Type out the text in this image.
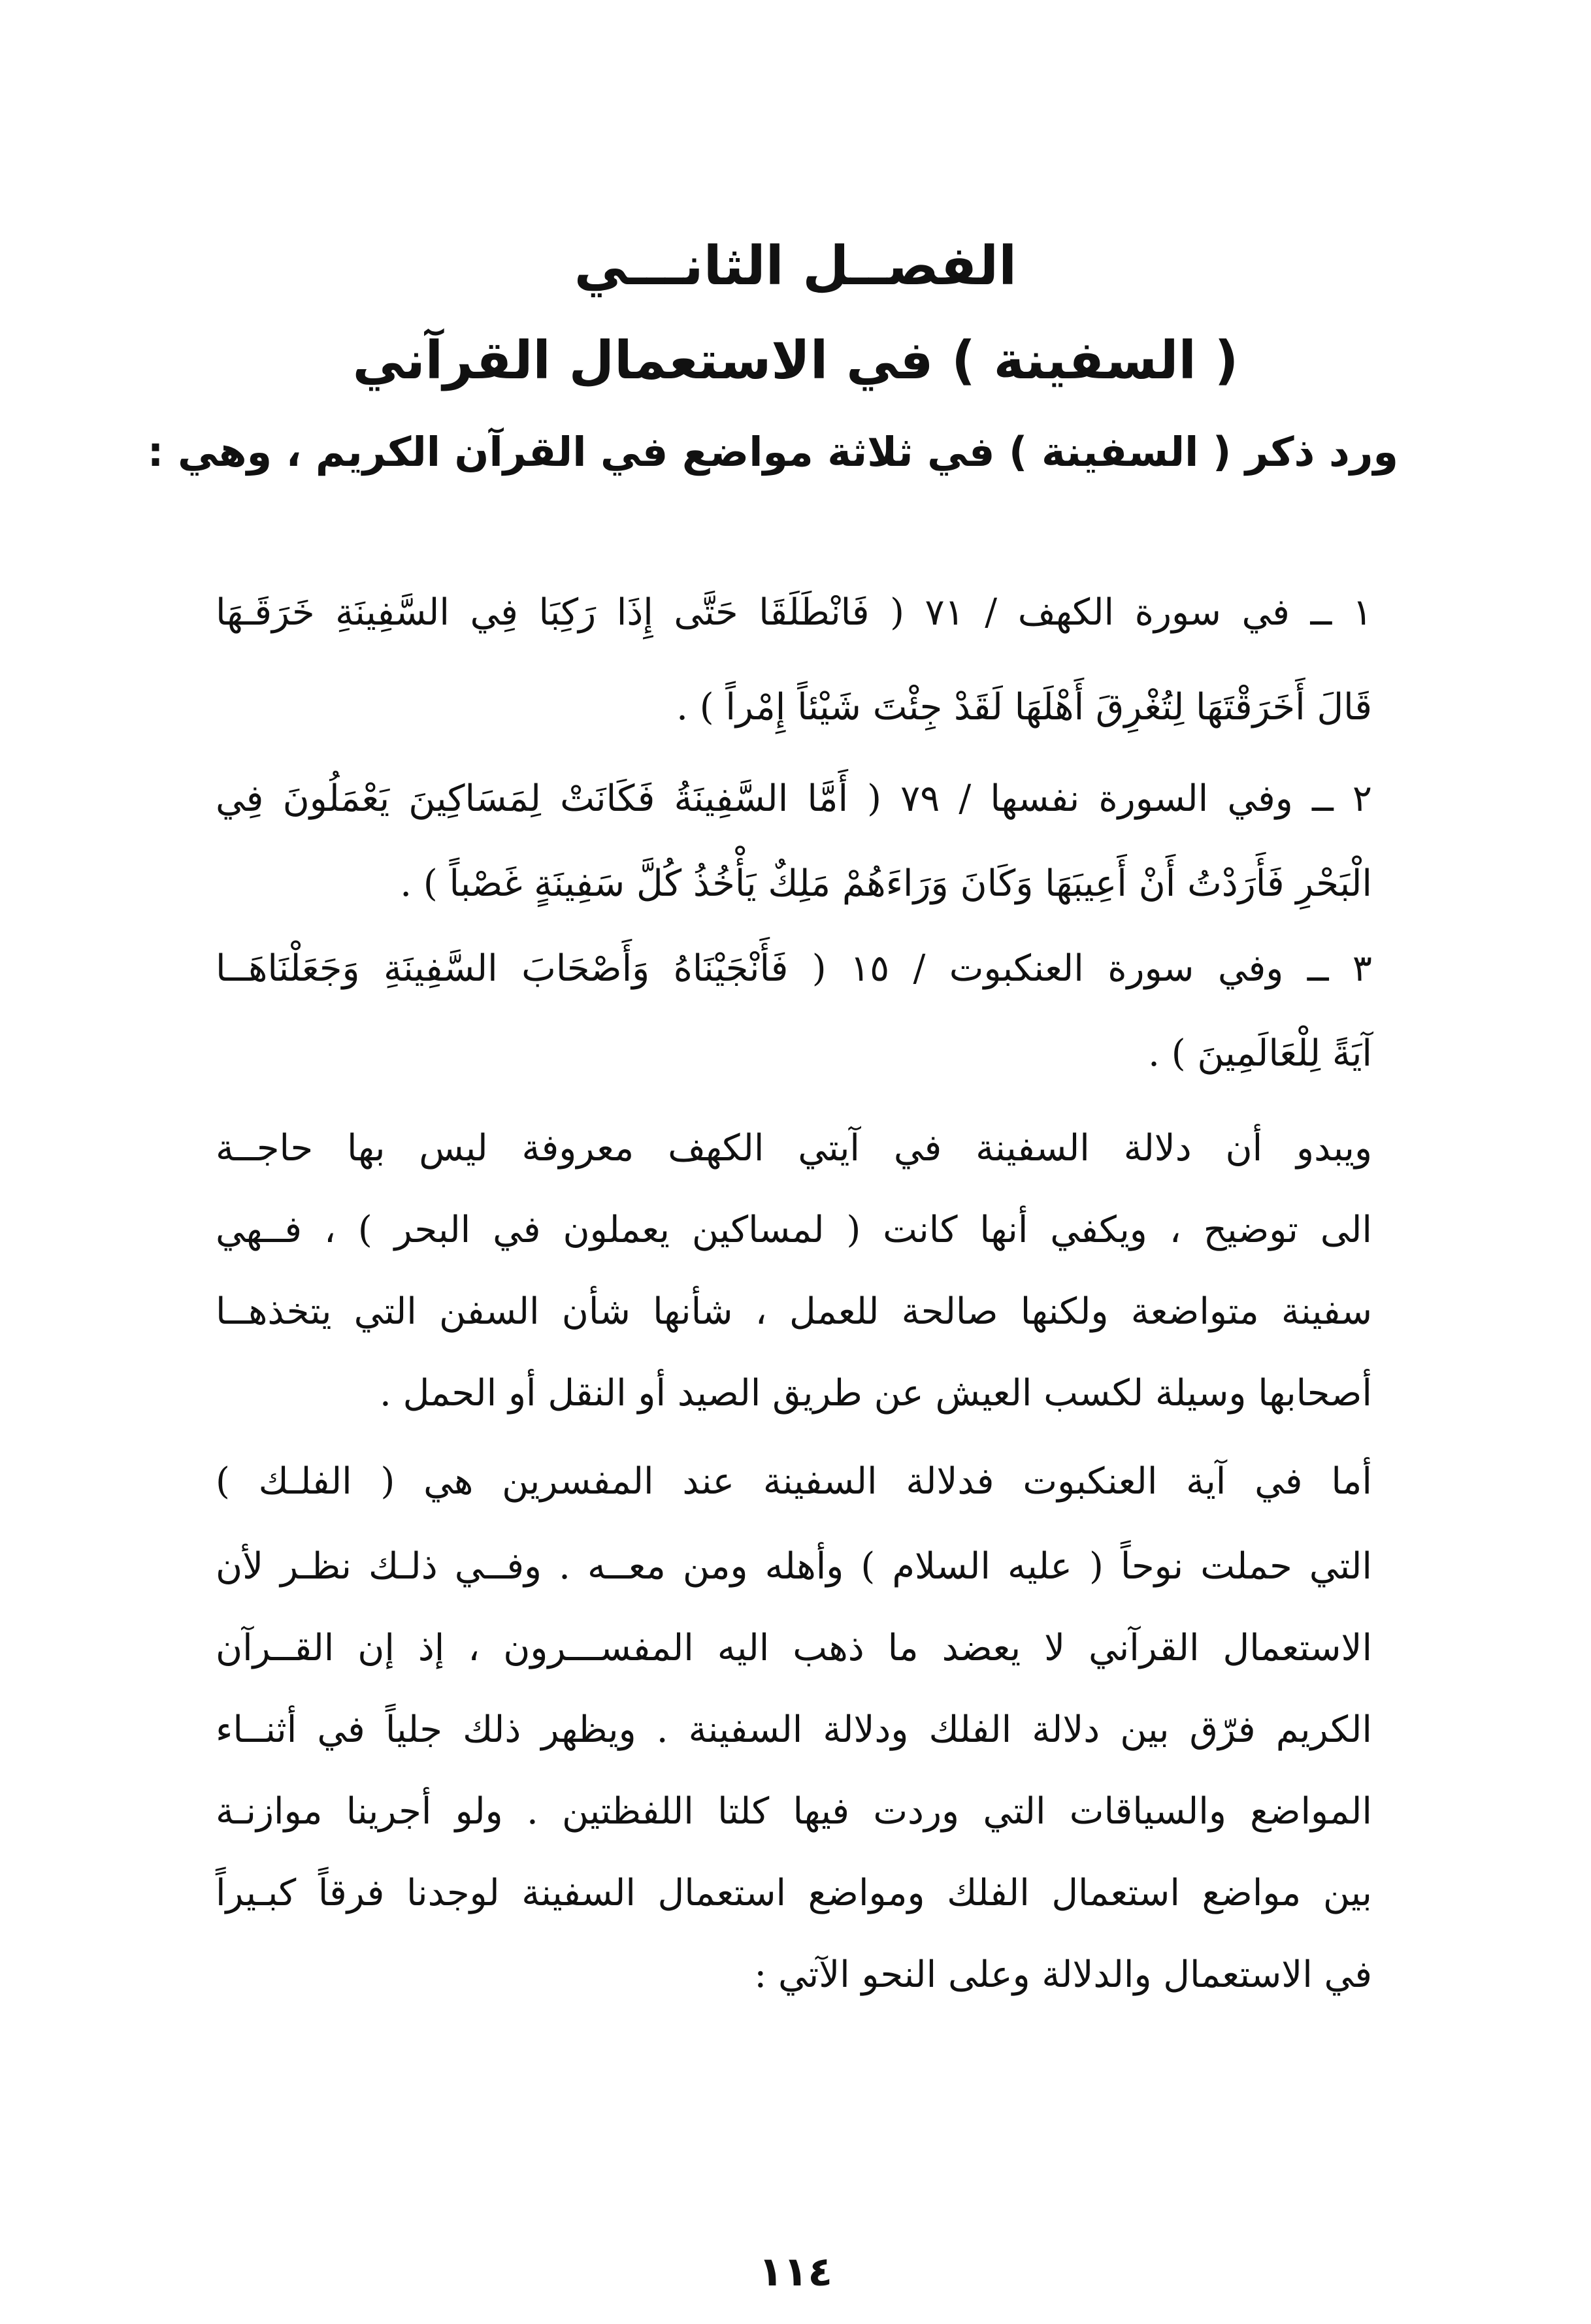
الفصــل الثانـــي
( السفينة ) في الاستعمال القرآني
ورد ذكر ( السفينة ) في ثلاثة مواضع في القرآن الكريم ، وهي :
١ ــ في سورة الكهف / ٧١ ( فَانْطَلَقَا حَتَّى إِذَا رَكِبَا فِي السَّفِينَةِ خَرَقَـهَا
قَالَ أَخَرَقْتَهَا لِتُغْرِقَ أَهْلَهَا لَقَدْ جِئْتَ شَيْئاً إِمْراً ) .
٢ ــ وفي السورة نفسها / ٧٩ ( أَمَّا السَّفِينَةُ فَكَانَتْ لِمَسَاكِينَ يَعْمَلُونَ فِي
الْبَحْرِ فَأَرَدْتُ أَنْ أَعِيبَهَا وَكَانَ وَرَاءَهُمْ مَلِكٌ يَأْخُذُ كُلَّ سَفِينَةٍ غَصْباً ) .
٣ ــ وفي سورة العنكبوت / ١٥ ( فَأَنْجَيْنَاهُ وَأَصْحَابَ السَّفِينَةِ وَجَعَلْنَاهَــا
آيَةً لِلْعَالَمِينَ ) .
ويبدو أن دلالة السفينة في آيتي الكهف معروفة ليس بها حاجــة
الى توضيح ، ويكفي أنها كانت ( لمساكين يعملون في البحر ) ، فــهي
سفينة متواضعة ولكنها صالحة للعمل ، شأنها شأن السفن التي يتخذهــا
أصحابها وسيلة لكسب العيش عن طريق الصيد أو النقل أو الحمل .
أما في آية العنكبوت فدلالة السفينة عند المفسرين هي ( الفلـك )
التي حملت نوحاً ( عليه السلام ) وأهله ومن معــه . وفــي ذلـك نظـر لأن
الاستعمال القرآني لا يعضد ما ذهب اليه المفســـرون ، إذ إن القــرآن
الكريم فرّق بين دلالة الفلك ودلالة السفينة . ويظهر ذلك جلياً في أثنــاء
المواضع والسياقات التي وردت فيها كلتا اللفظتين . ولو أجرينا موازنـة
بين مواضع استعمال الفلك ومواضع استعمال السفينة لوجدنا فرقاً كبـيراً
في الاستعمال والدلالة وعلى النحو الآتي :
١١٤
